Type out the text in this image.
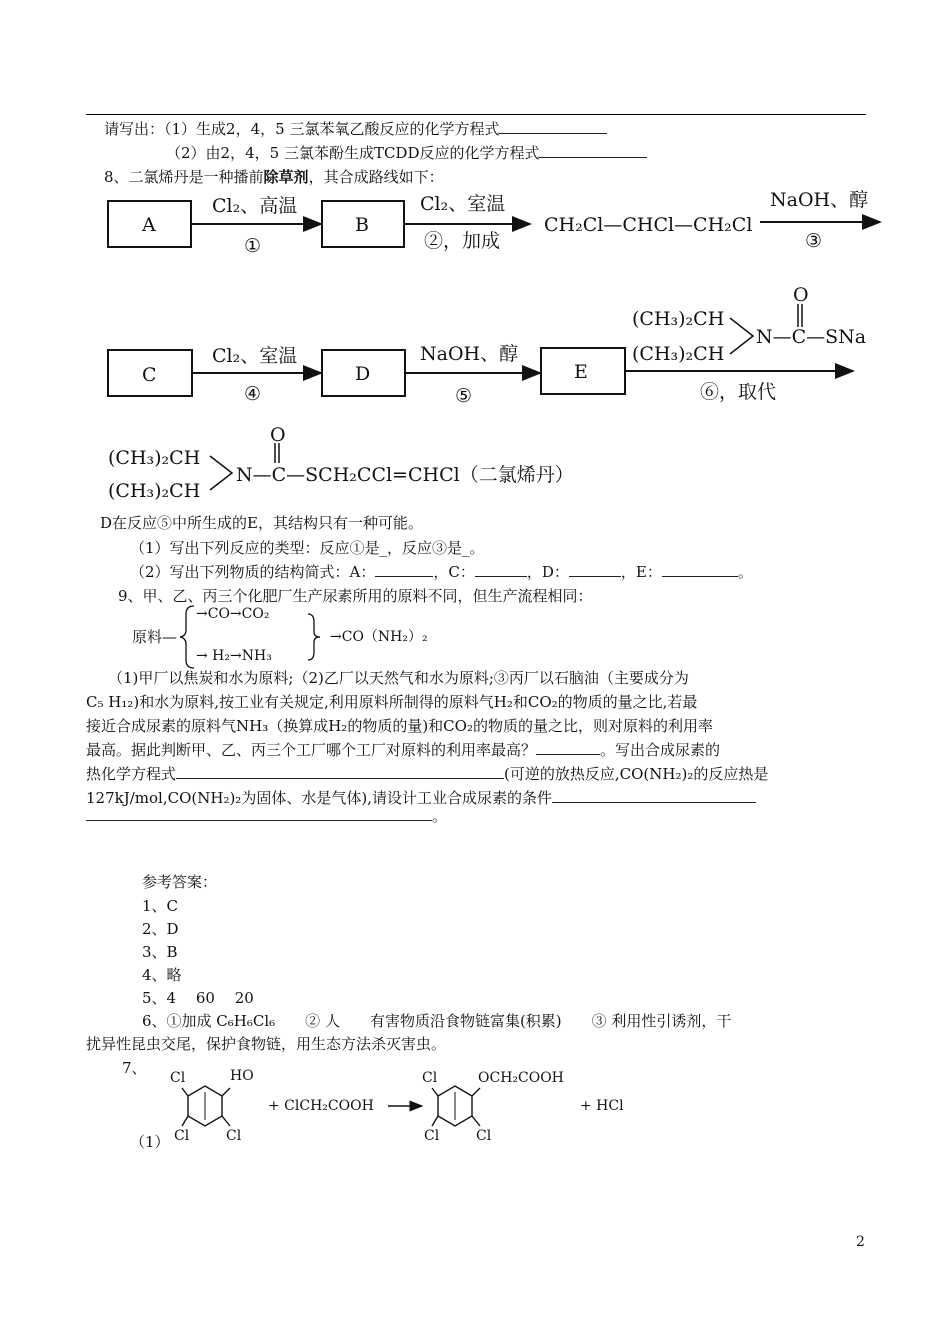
请写出：（1）生成2，4，5 三氯苯氧乙酸反应的化学方程式
（2）由2，4，5 三氯苯酚生成TCDD反应的化学方程式
8、二氯烯丹是一种播前除草剂，其合成路线如下：
A	B
C	D	E
Cl₂、高温
①
Cl₂、室温
②，加成
CH₂Cl—CHCl—CH₂Cl
NaOH、醇
③
Cl₂、室温
④
NaOH、醇
⑤	⑥，取代
O
(CH₃)₂CH
(CH₃)₂CH
N—C—SNa
O
(CH₃)₂CH
(CH₃)₂CH
N—C—SCH₂CCl=CHCl（二氯烯丹）
D在反应⑤中所生成的E，其结构只有一种可能。
（1）写出下列反应的类型：反应①是_，反应③是_。
（2）写出下列物质的结构简式：A：	，C：	，D：	，E：	。
9、甲、乙、丙三个化肥厂生产尿素所用的原料不同，但生产流程相同：
原料—
→CO→CO₂
→ H₂→NH₃
→CO（NH₂）₂
（1)甲厂以焦炭和水为原料;（2)乙厂以天然气和水为原料;③丙厂以石脑油（主要成分为
C₅ H₁₂)和水为原料,按工业有关规定,利用原料所制得的原料气H₂和CO₂的物质的量之比,若最
接近合成尿素的原料气NH₃（换算成H₂的物质的量)和CO₂的物质的量之比，则对原料的利用率
最高。据此判断甲、乙、丙三个工厂哪个工厂对原料的利用率最高？	。写出合成尿素的
热化学方程式	(可逆的放热反应,CO(NH₂)₂的反应热是
127kJ/mol,CO(NH₂)₂为固体、水是气体),请设计工业合成尿素的条件
。
参考答案：
1、C
2、D
3、B
4、略
5、4　 60　 20
6、①加成 C₆H₆Cl₆　　② 人　　有害物质沿食物链富集(积累)　　③ 利用性引诱剂，干
扰异性昆虫交尾，保护食物链，用生态方法杀灭害虫。
7、
（1）
Cl	HO
Cl	Cl
+ ClCH₂COOH
Cl	OCH₂COOH
Cl	Cl
+ HCl
2
